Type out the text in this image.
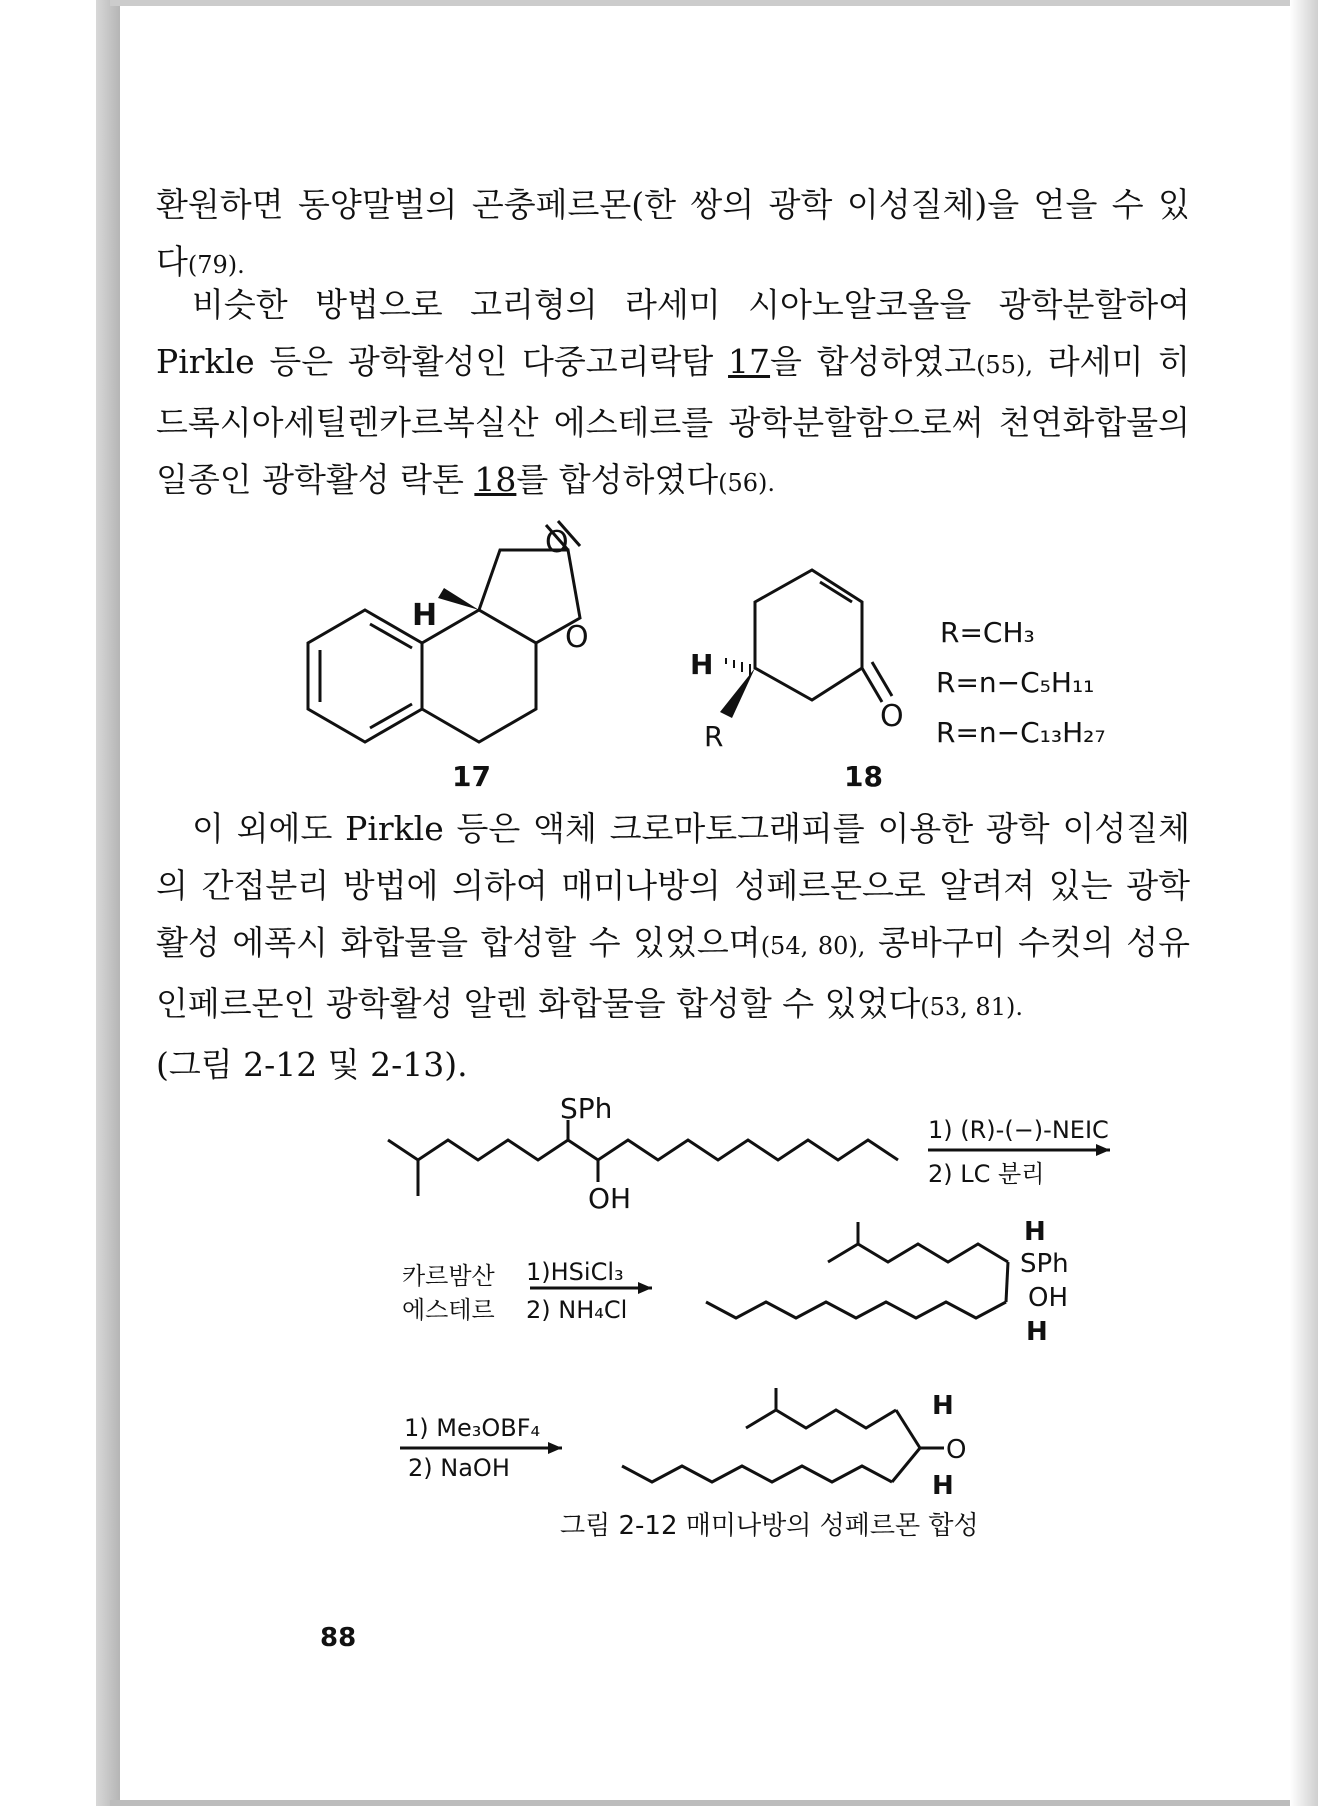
환원하면 동양말벌의 곤충페르몬(한 쌍의 광학 이성질체)을 얻을 수 있다(79).

비슷한 방법으로 고리형의 라세미 시아노알코올을 광학분할하여 Pirkle 등은 광학활성인 다중고리락탐 17을 합성하였고(55), 라세미 히드록시아세틸렌카르복실산 에스테르를 광학분할함으로써 천연화합물의 일종인 광학활성 락톤 18를 합성하였다(56).

이 외에도 Pirkle 등은 액체 크로마토그래피를 이용한 광학 이성질체의 간접분리 방법에 의하여 매미나방의 성페르몬으로 알려져 있는 광학활성 에폭시 화합물을 합성할 수 있었으며(54, 80), 콩바구미 수컷의 성유인페르몬인 광학활성 알렌 화합물을 합성할 수 있었다(53, 81).
(그림 2-12 및 2-13).

O
O
H
17
H
R
O
18
R=CH₃
R=n−C₅H₁₁
R=n−C₁₃H₂₇
SPh
OH
1) (R)-(−)-NEIC
2) LC 분리
카르밤산
에스테르
1)HSiCl₃
2) NH₄Cl
H
SPh
OH
H
1) Me₃OBF₄
2) NaOH
H
O
H
그림 2-12 매미나방의 성페르몬 합성
88
